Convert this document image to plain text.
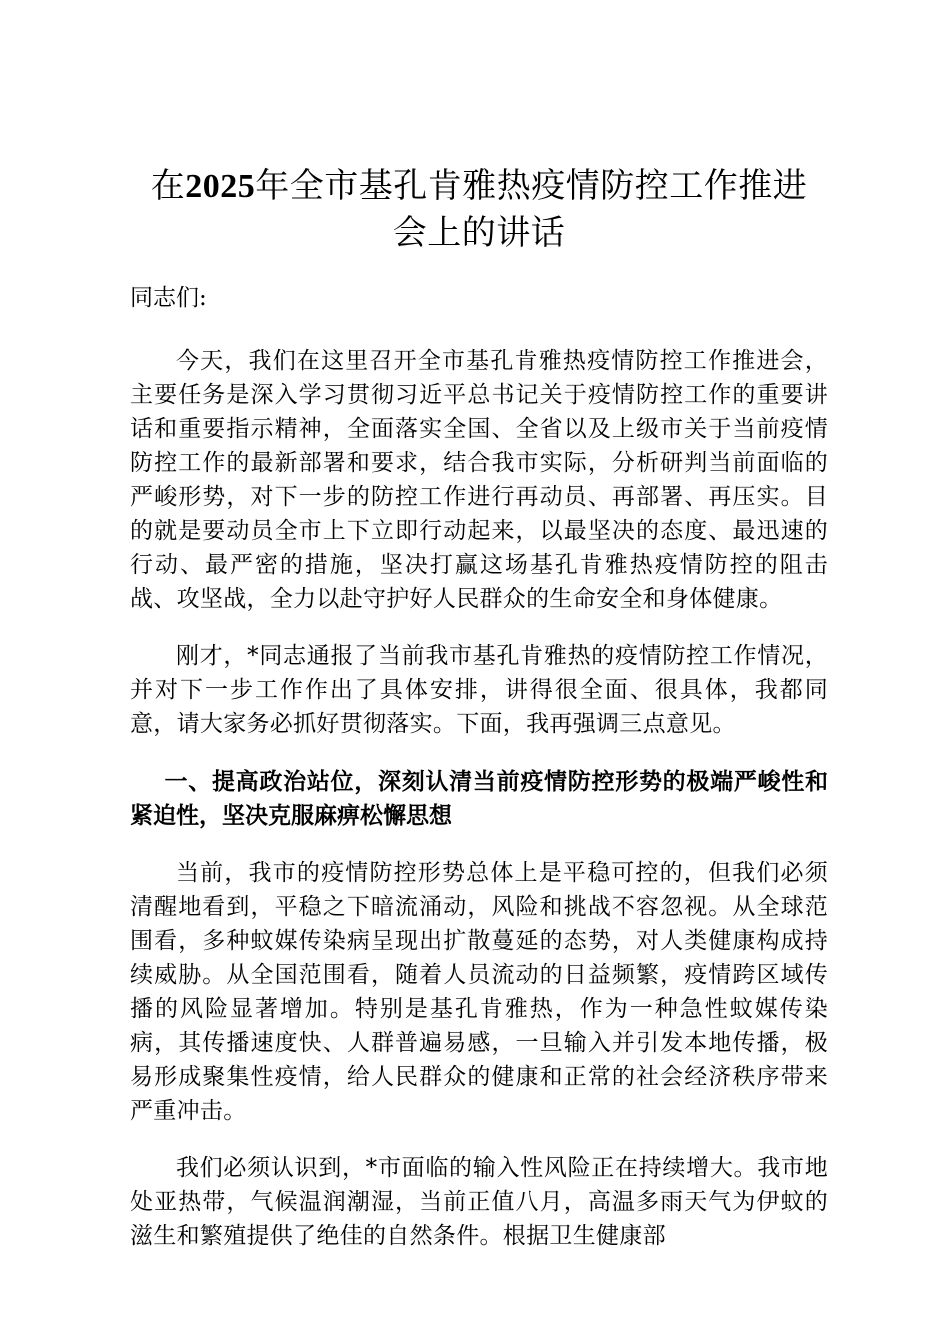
在2025年全市基孔肯雅热疫情防控工作推进
会上的讲话

同志们:

今天，我们在这里召开全市基孔肯雅热疫情防控工作推进会，主要任务是深入学习贯彻习近平总书记关于疫情防控工作的重要讲话和重要指示精神，全面落实全国、全省以及上级市关于当前疫情防控工作的最新部署和要求，结合我市实际，分析研判当前面临的严峻形势，对下一步的防控工作进行再动员、再部署、再压实。目的就是要动员全市上下立即行动起来，以最坚决的态度、最迅速的行动、最严密的措施，坚决打赢这场基孔肯雅热疫情防控的阻击战、攻坚战，全力以赴守护好人民群众的生命安全和身体健康。

刚才，*同志通报了当前我市基孔肯雅热的疫情防控工作情况，并对下一步工作作出了具体安排，讲得很全面、很具体，我都同意，请大家务必抓好贯彻落实。下面，我再强调三点意见。

一、提高政治站位，深刻认清当前疫情防控形势的极端严峻性和紧迫性，坚决克服麻痹松懈思想

当前，我市的疫情防控形势总体上是平稳可控的，但我们必须清醒地看到，平稳之下暗流涌动，风险和挑战不容忽视。从全球范围看，多种蚊媒传染病呈现出扩散蔓延的态势，对人类健康构成持续威胁。从全国范围看，随着人员流动的日益频繁，疫情跨区域传播的风险显著增加。特别是基孔肯雅热，作为一种急性蚊媒传染病，其传播速度快、人群普遍易感，一旦输入并引发本地传播，极易形成聚集性疫情，给人民群众的健康和正常的社会经济秩序带来严重冲击。

我们必须认识到，*市面临的输入性风险正在持续增大。我市地处亚热带，气候温润潮湿，当前正值八月，高温多雨天气为伊蚊的滋生和繁殖提供了绝佳的自然条件。根据卫生健康部
